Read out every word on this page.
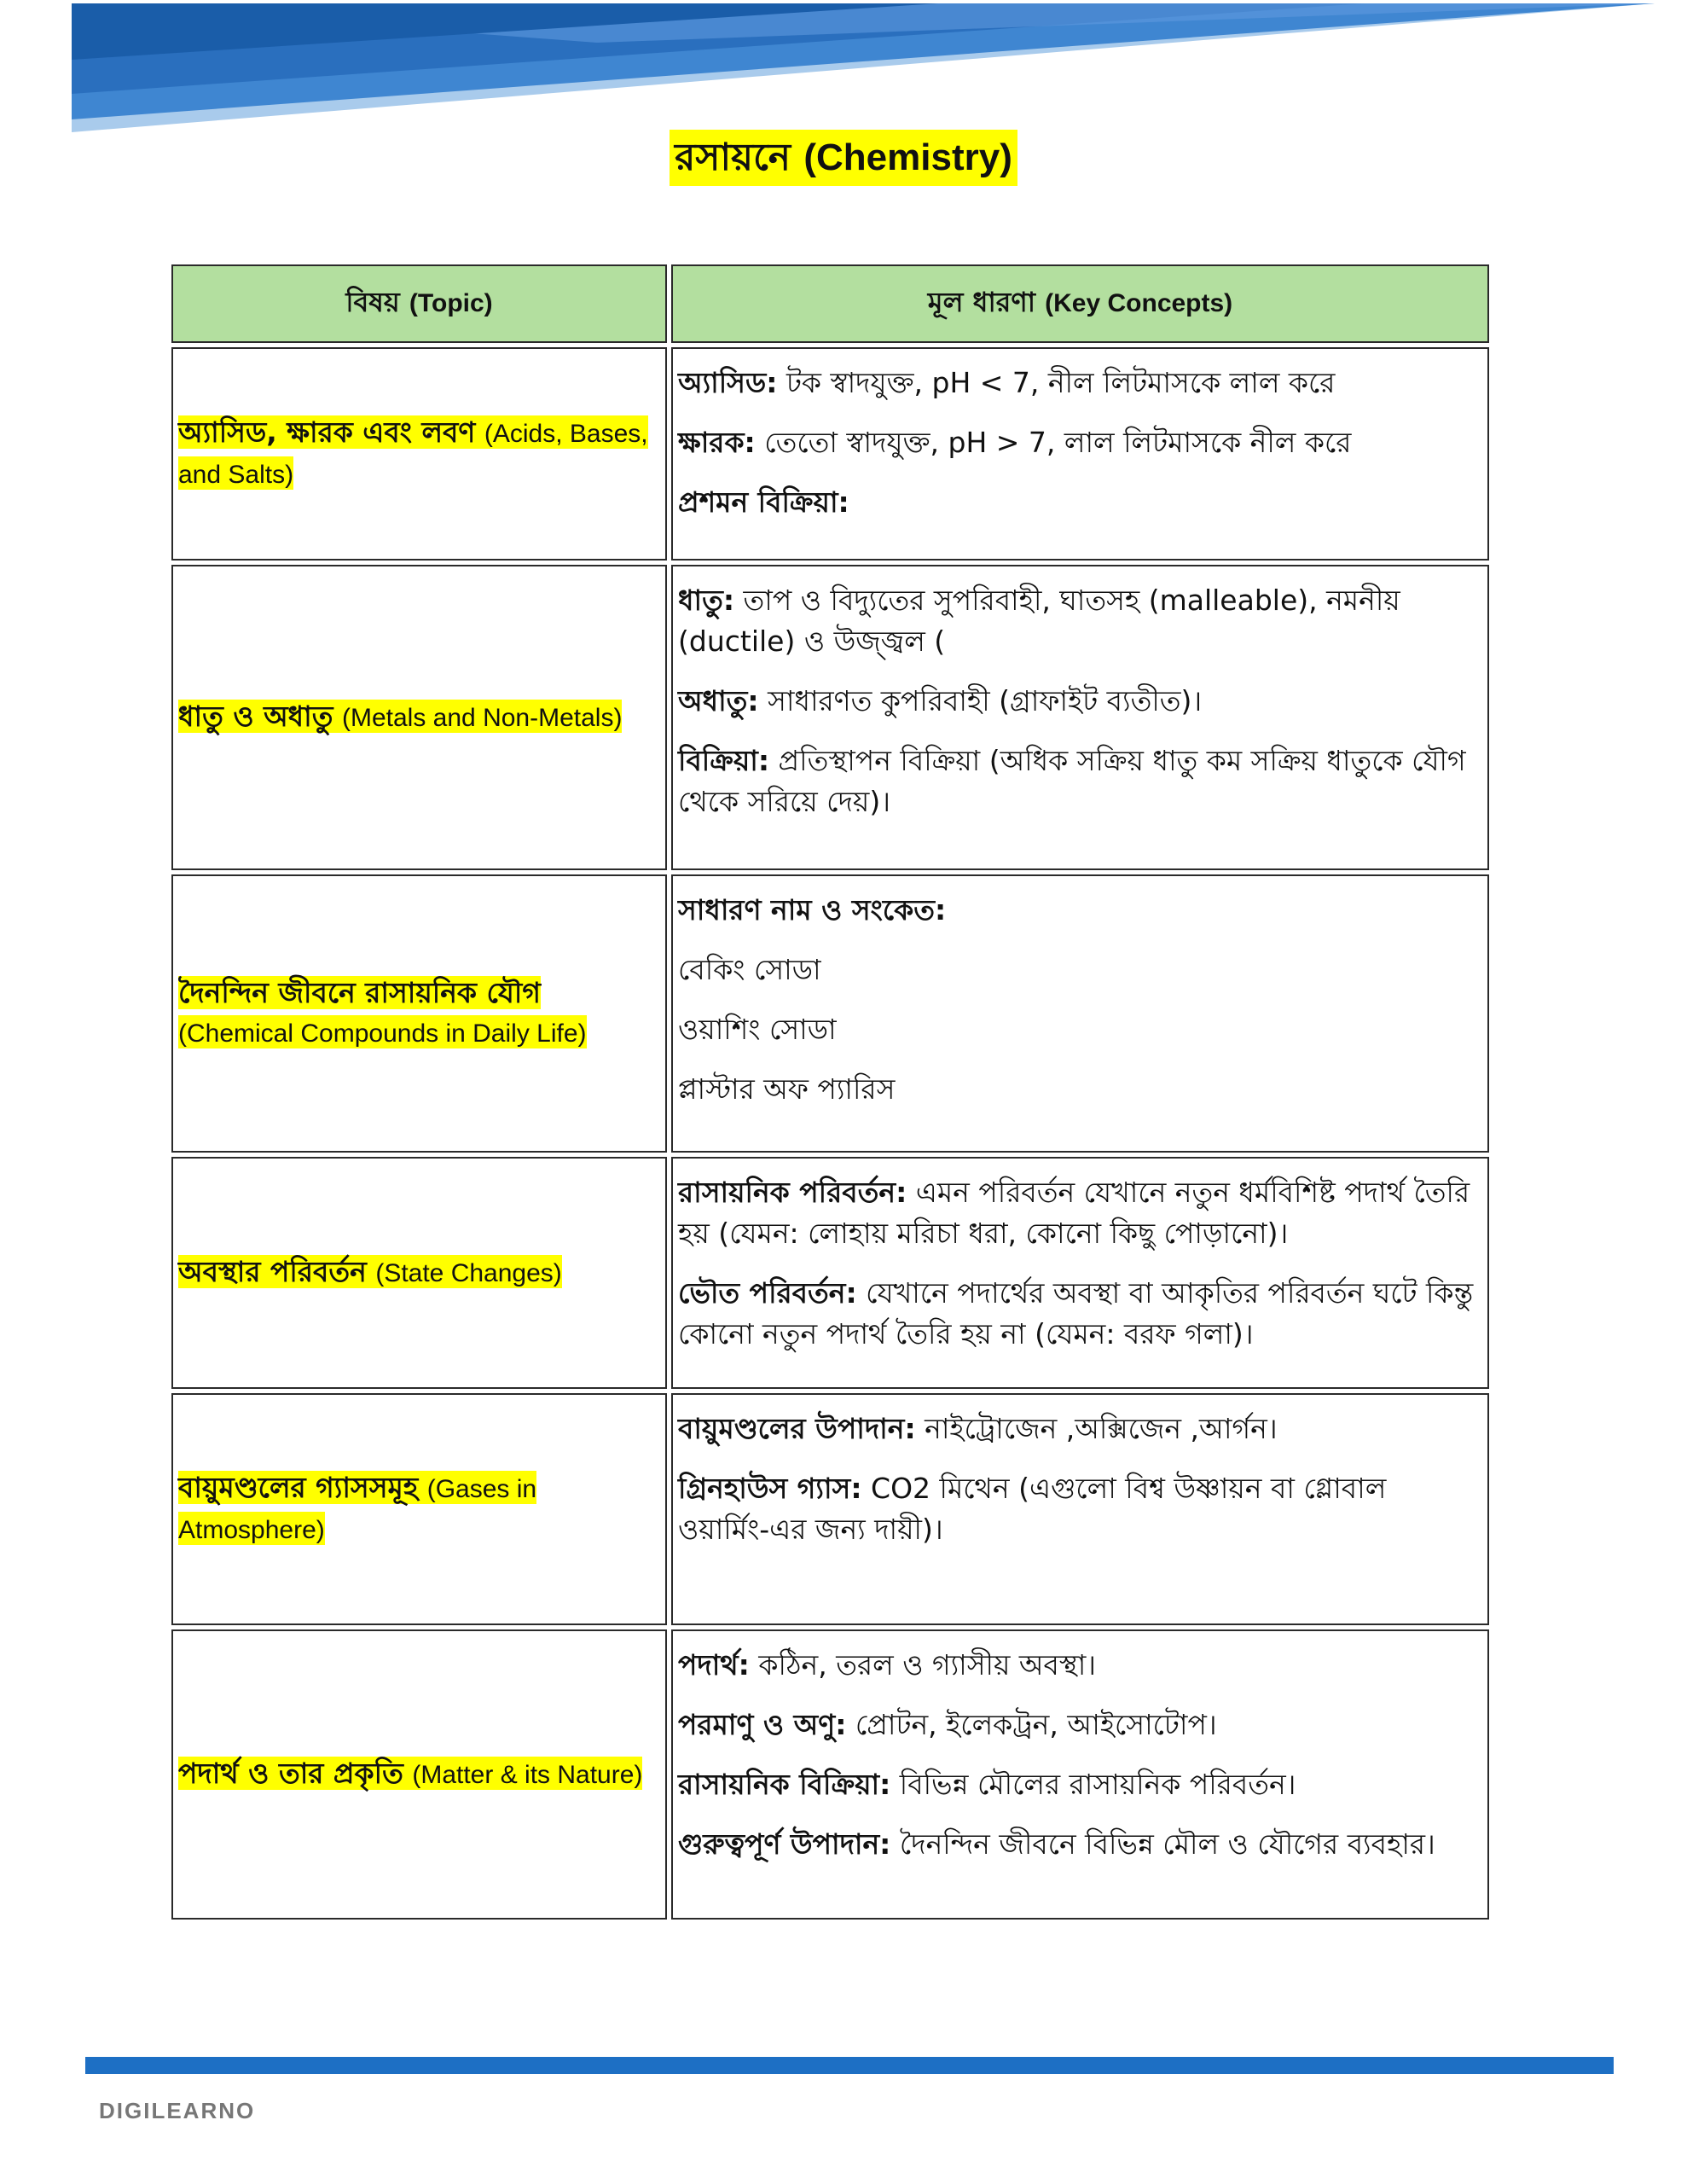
রসায়নে (Chemistry)
বিষয় (Topic)	মূল ধারণা (Key Concepts)
অ্যাসিড, ক্ষারক এবং লবণ (Acids, Bases, and Salts)	অ্যাসিড: টক স্বাদযুক্ত, pH < 7, নীল লিটমাসকে লাল করে

ক্ষারক: তেতো স্বাদযুক্ত, pH > 7, লাল লিটমাসকে নীল করে

প্রশমন বিক্রিয়া:

ধাতু ও অধাতু (Metals and Non-Metals)	ধাতু: তাপ ও বিদ্যুতের সুপরিবাহী, ঘাতসহ (malleable), নমনীয় (ductile) ও উজ্জ্বল (

অধাতু: সাধারণত কুপরিবাহী (গ্রাফাইট ব্যতীত)।

বিক্রিয়া: প্রতিস্থাপন বিক্রিয়া (অধিক সক্রিয় ধাতু কম সক্রিয় ধাতুকে যৌগ থেকে সরিয়ে দেয়)।

দৈনন্দিন জীবনে রাসায়নিক যৌগ (Chemical Compounds in Daily Life)	সাধারণ নাম ও সংকেত:

বেকিং সোডা

ওয়াশিং সোডা

প্লাস্টার অফ প্যারিস

অবস্থার পরিবর্তন (State Changes)	রাসায়নিক পরিবর্তন: এমন পরিবর্তন যেখানে নতুন ধর্মবিশিষ্ট পদার্থ তৈরি হয় (যেমন: লোহায় মরিচা ধরা, কোনো কিছু পোড়ানো)।

ভৌত পরিবর্তন: যেখানে পদার্থের অবস্থা বা আকৃতির পরিবর্তন ঘটে কিন্তু কোনো নতুন পদার্থ তৈরি হয় না (যেমন: বরফ গলা)।

বায়ুমণ্ডলের গ্যাসসমূহ (Gases in Atmosphere)	বায়ুমণ্ডলের উপাদান: নাইট্রোজেন ,অক্সিজেন ,আর্গন।

গ্রিনহাউস গ্যাস: CO2 মিথেন (এগুলো বিশ্ব উষ্ণায়ন বা গ্লোবাল ওয়ার্মিং-এর জন্য দায়ী)।

পদার্থ ও তার প্রকৃতি (Matter & its Nature)	পদার্থ: কঠিন, তরল ও গ্যাসীয় অবস্থা।

পরমাণু ও অণু: প্রোটন, ইলেকট্রন, আইসোটোপ।

রাসায়নিক বিক্রিয়া: বিভিন্ন মৌলের রাসায়নিক পরিবর্তন।

গুরুত্বপূর্ণ উপাদান: দৈনন্দিন জীবনে বিভিন্ন মৌল ও যৌগের ব্যবহার।

DIGILEARNO
